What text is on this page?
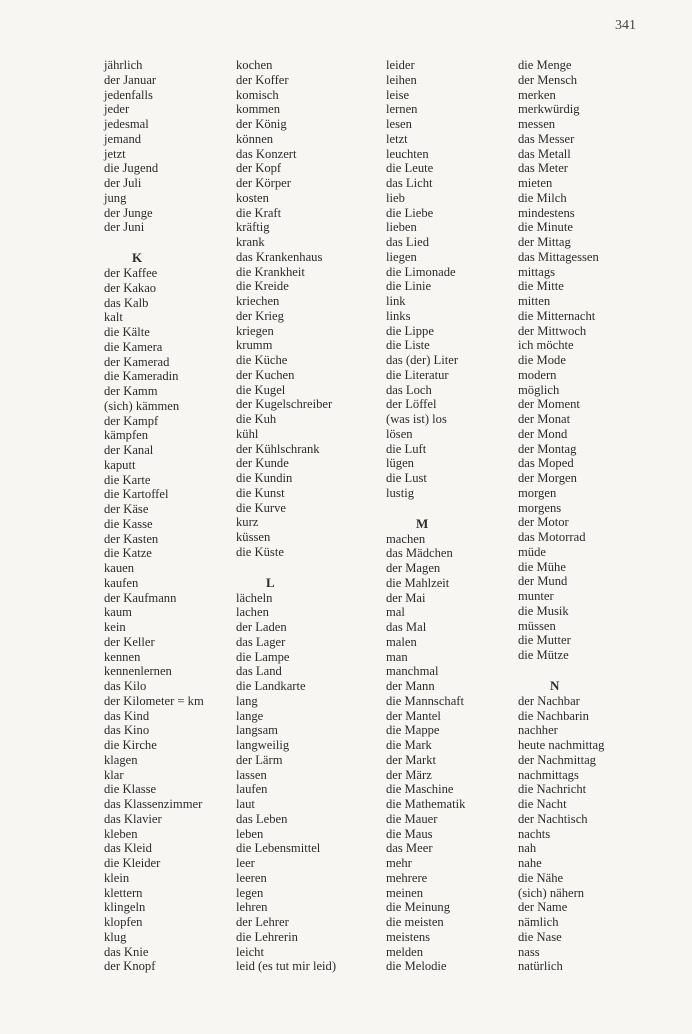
341
jährlich
der Januar
jedenfalls
jeder
jedesmal
jemand
jetzt
die Jugend
der Juli
jung
der Junge
der Juni
K
der Kaffee
der Kakao
das Kalb
kalt
die Kälte
die Kamera
der Kamerad
die Kameradin
der Kamm
(sich) kämmen
der Kampf
kämpfen
der Kanal
kaputt
die Karte
die Kartoffel
der Käse
die Kasse
der Kasten
die Katze
kauen
kaufen
der Kaufmann
kaum
kein
der Keller
kennen
kennenlernen
das Kilo
der Kilometer = km
das Kind
das Kino
die Kirche
klagen
klar
die Klasse
das Klassenzimmer
das Klavier
kleben
das Kleid
die Kleider
klein
klettern
klingeln
klopfen
klug
das Knie
der Knopf
kochen
der Koffer
komisch
kommen
der König
können
das Konzert
der Kopf
der Körper
kosten
die Kraft
kräftig
krank
das Krankenhaus
die Krankheit
die Kreide
kriechen
der Krieg
kriegen
krumm
die Küche
der Kuchen
die Kugel
der Kugelschreiber
die Kuh
kühl
der Kühlschrank
der Kunde
die Kundin
die Kunst
die Kurve
kurz
küssen
die Küste
L
lächeln
lachen
der Laden
das Lager
die Lampe
das Land
die Landkarte
lang
lange
langsam
langweilig
der Lärm
lassen
laufen
laut
das Leben
leben
die Lebensmittel
leer
leeren
legen
lehren
der Lehrer
die Lehrerin
leicht
leid (es tut mir leid)
leider
leihen
leise
lernen
lesen
letzt
leuchten
die Leute
das Licht
lieb
die Liebe
lieben
das Lied
liegen
die Limonade
die Linie
link
links
die Lippe
die Liste
das (der) Liter
die Literatur
das Loch
der Löffel
(was ist) los
lösen
die Luft
lügen
die Lust
lustig
M
machen
das Mädchen
der Magen
die Mahlzeit
der Mai
mal
das Mal
malen
man
manchmal
der Mann
die Mannschaft
der Mantel
die Mappe
die Mark
der Markt
der März
die Maschine
die Mathematik
die Mauer
die Maus
das Meer
mehr
mehrere
meinen
die Meinung
die meisten
meistens
melden
die Melodie
die Menge
der Mensch
merken
merkwürdig
messen
das Messer
das Metall
das Meter
mieten
die Milch
mindestens
die Minute
der Mittag
das Mittagessen
mittags
die Mitte
mitten
die Mitternacht
der Mittwoch
ich möchte
die Mode
modern
möglich
der Moment
der Monat
der Mond
der Montag
das Moped
der Morgen
morgen
morgens
der Motor
das Motorrad
müde
die Mühe
der Mund
munter
die Musik
müssen
die Mutter
die Mütze
N
der Nachbar
die Nachbarin
nachher
heute nachmittag
der Nachmittag
nachmittags
die Nachricht
die Nacht
der Nachtisch
nachts
nah
nahe
die Nähe
(sich) nähern
der Name
nämlich
die Nase
nass
natürlich
